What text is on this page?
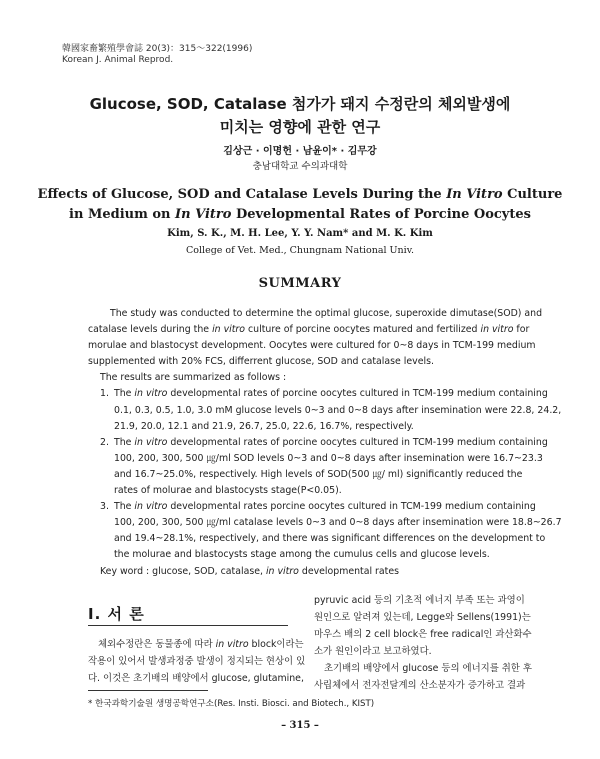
韓國家畜繁殖學會誌 20(3)：315～322(1996)
Korean J. Animal Reprod.
Glucose, SOD, Catalase 첨가가 돼지 수정란의 체외발생에
미치는 영향에 관한 연구
김상근 · 이명헌 · 남윤이* · 김무강
충남대학교 수의과대학
Effects of Glucose, SOD and Catalase Levels During the In Vitro Culture
in Medium on In Vitro Developmental Rates of Porcine Oocytes
Kim, S. K., M. H. Lee, Y. Y. Nam* and M. K. Kim
College of Vet. Med., Chungnam National Univ.
SUMMARY
The study was conducted to determine the optimal glucose, superoxide dimutase(SOD) and
catalase levels during the in vitro culture of porcine oocytes matured and fertilized in vitro for
morulae and blastocyst development. Oocytes were cultured for 0~8 days in TCM-199 medium
supplemented with 20% FCS, differrent glucose, SOD and catalase levels.
The results are summarized as follows :
1. The in vitro developmental rates of porcine oocytes cultured in TCM-199 medium containing
0.1, 0.3, 0.5, 1.0, 3.0 mM glucose levels 0~3 and 0~8 days after insemination were 22.8, 24.2,
21.9, 20.0, 12.1 and 21.9, 26.7, 25.0, 22.6, 16.7%, respectively.
2. The in vitro developmental rates of porcine oocytes cultured in TCM-199 medium containing
100, 200, 300, 500 ㎍/ml SOD levels 0~3 and 0~8 days after insemination were 16.7~23.3
and 16.7~25.0%, respectively. High levels of SOD(500 ㎍/ ml) significantly reduced the
rates of molurae and blastocysts stage(P<0.05).
3. The in vitro developmental rates porcine oocytes cultured in TCM-199 medium containing
100, 200, 300, 500 ㎍/ml catalase levels 0~3 and 0~8 days after insemination were 18.8~26.7
and 19.4~28.1%, respectively, and there was significant differences on the development to
the molurae and blastocysts stage among the cumulus cells and glucose levels.
Key word : glucose, SOD, catalase, in vitro developmental rates
I. 서 론
체외수정란은 동물종에 따라 in vitro block이라는
작용이 있어서 발생과정중 발생이 정지되는 현상이 있
다. 이것은 초기배의 배양에서 glucose, glutamine,
pyruvic acid 등의 기초적 에너지 부족 또는 과영이
원인으로 알려져 있는데, Legge와 Sellens(1991)는
마우스 배의 2 cell block은 free radical인 과산화수
소가 원인이라고 보고하였다.
초기배의 배양에서 glucose 등의 에너지를 취한 후
사립체에서 전자전달계의 산소분자가 증가하고 결과
* 한국과학기술원 생명공학연구소(Res. Insti. Biosci. and Biotech., KIST)
– 315 –
